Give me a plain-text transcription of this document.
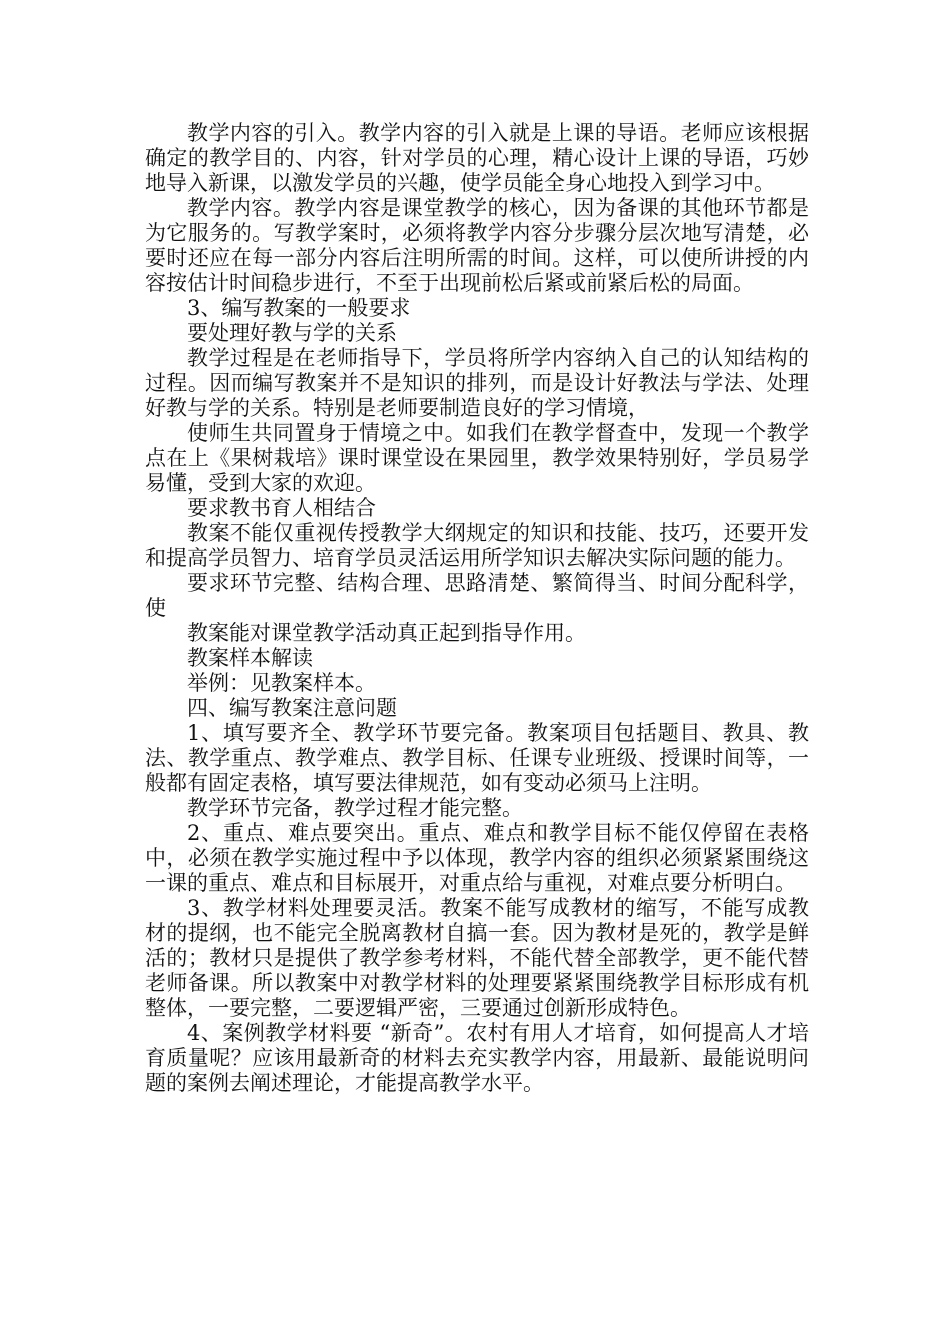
教学内容的引入。教学内容的引入就是上课的导语。老师应该根据确定的教学目的、内容，针对学员的心理，精心设计上课的导语，巧妙地导入新课，以激发学员的兴趣，使学员能全身心地投入到学习中。

教学内容。教学内容是课堂教学的核心，因为备课的其他环节都是为它服务的。写教学案时，必须将教学内容分步骤分层次地写清楚，必要时还应在每一部分内容后注明所需的时间。这样，可以使所讲授的内容按估计时间稳步进行，不至于出现前松后紧或前紧后松的局面。

3、编写教案的一般要求

要处理好教与学的关系

教学过程是在老师指导下，学员将所学内容纳入自己的认知结构的过程。因而编写教案并不是知识的排列，而是设计好教法与学法、处理好教与学的关系。特别是老师要制造良好的学习情境，

使师生共同置身于情境之中。如我们在教学督查中，发现一个教学点在上《果树栽培》课时课堂设在果园里，教学效果特别好，学员易学易懂，受到大家的欢迎。

要求教书育人相结合

教案不能仅重视传授教学大纲规定的知识和技能、技巧，还要开发和提高学员智力、培育学员灵活运用所学知识去解决实际问题的能力。

要求环节完整、结构合理、思路清楚、繁简得当、时间分配科学，使

教案能对课堂教学活动真正起到指导作用。

教案样本解读

举例：见教案样本。

四、编写教案注意问题

1、填写要齐全、教学环节要完备。教案项目包括题目、教具、教法、教学重点、教学难点、教学目标、任课专业班级、授课时间等，一般都有固定表格，填写要法律规范，如有变动必须马上注明。

教学环节完备，教学过程才能完整。

2、重点、难点要突出。重点、难点和教学目标不能仅停留在表格中，必须在教学实施过程中予以体现，教学内容的组织必须紧紧围绕这一课的重点、难点和目标展开，对重点给与重视，对难点要分析明白。

3、教学材料处理要灵活。教案不能写成教材的缩写，不能写成教材的提纲，也不能完全脱离教材自搞一套。因为教材是死的，教学是鲜活的；教材只是提供了教学参考材料，不能代替全部教学，更不能代替老师备课。所以教案中对教学材料的处理要紧紧围绕教学目标形成有机整体，一要完整，二要逻辑严密，三要通过创新形成特色。

4、案例教学材料要 “新奇”。农村有用人才培育，如何提高人才培育质量呢？应该用最新奇的材料去充实教学内容，用最新、最能说明问题的案例去阐述理论，才能提高教学水平。
